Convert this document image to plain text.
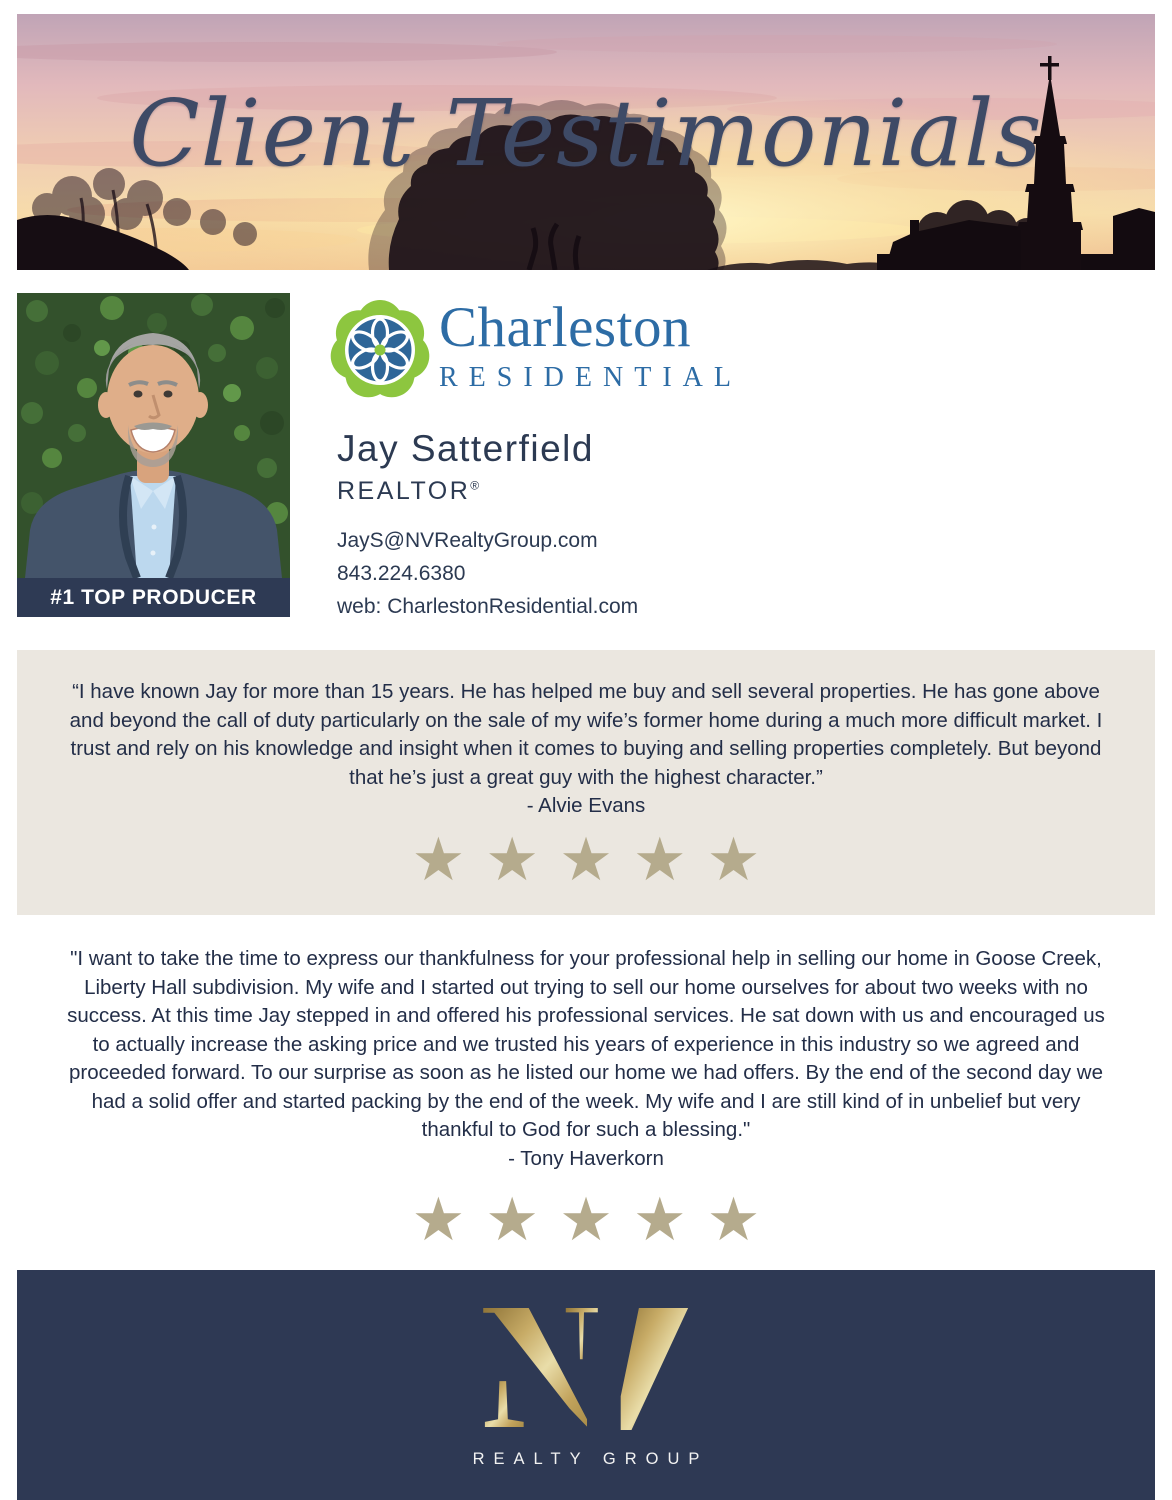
Client Testimonials
#1 TOP PRODUCER
Charleston
RESIDENTIAL
Jay Satterfield
REALTOR®
JayS@NVRealtyGroup.com
843.224.6380
web: CharlestonResidential.com
“I have known Jay for more than 15 years. He has helped me buy and sell several properties. He has gone above and beyond the call of duty particularly on the sale of my wife’s former home during a much more difficult market. I trust and rely on his knowledge and insight when it comes to buying and selling properties completely. But beyond that he’s just a great guy with the highest character.”
- Alvie Evans
★★★★★
"I want to take the time to express our thankfulness for your professional help in selling our home in Goose Creek, Liberty Hall subdivision. My wife and I started out trying to sell our home ourselves for about two weeks with no success. At this time Jay stepped in and offered his professional services. He sat down with us and encouraged us to actually increase the asking price and we trusted his years of experience in this industry so we agreed and proceeded forward. To our surprise as soon as he listed our home we had offers. By the end of the second day we had a solid offer and started packing by the end of the week. My wife and I are still kind of in unbelief but very thankful to God for such a blessing."
- Tony Haverkorn
★★★★★
REALTY GROUP
